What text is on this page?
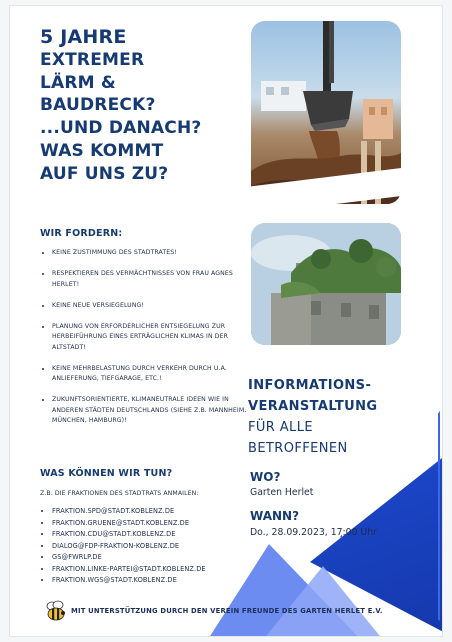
5 JAHRE
EXTREMER
LÄRM &
BAUDRECK?
...UND DANACH?
WAS KOMMT
AUF UNS ZU?
WIR FORDERN:
• KEINE ZUSTIMMUNG DES STADTRATES!
• RESPEKTIEREN DES VERMÄCHTNISSES VON FRAU AGNES HERLET!
• KEINE NEUE VERSIEGELUNG!
• PLANUNG VON ERFORDERLICHER ENTSIEGELUNG ZUR HERBEIFÜHRUNG EINES ERTRÄGLICHEN KLIMAS IN DER ALTSTADT!
• KEINE MEHRBELASTUNG DURCH VERKEHR DURCH U.A. ANLIEFERUNG, TIEFGARAGE, ETC.!
• ZUKUNFTSORIENTIERTE, KLIMANEUTRALE IDEEN WIE IN ANDEREN STÄDTEN DEUTSCHLANDS (SIEHE Z.B. MANNHEIM, MÜNCHEN, HAMBURG)!
WAS KÖNNEN WIR TUN?

Z.B. DIE FRAKTIONEN DES STADTRATS ANMAILEN:

• FRAKTION.SPD@STADT.KOBLENZ.DE
• FRAKTION.GRUENE@STADT.KOBLENZ.DE
• FRAKTION.CDU@STADT.KOBLENZ.DE
• DIALOG@FDP-FRAKTION-KOBLENZ.DE
• GS@FWRLP.DE
• FRAKTION.LINKE-PARTEI@STADT.KOBLENZ.DE
• FRAKTION.WGS@STADT.KOBLENZ.DE
INFORMATIONS-
VERANSTALTUNG
FÜR ALLE
BETROFFENEN

WO?

Garten Herlet

WANN?

Do., 28.09.2023, 17:00 Uhr

MIT UNTERSTÜTZUNG DURCH DEN VEREIN FREUNDE DES GARTEN HERLET E.V.
